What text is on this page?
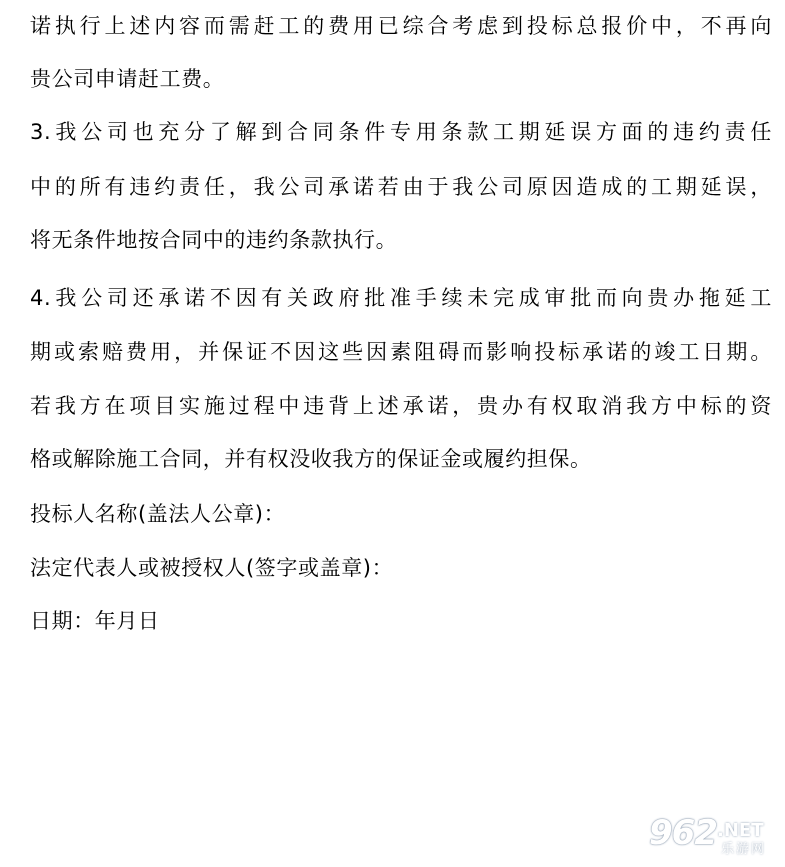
诺执行上述内容而需赶工的费用已综合考虑到投标总报价中，不再向
贵公司申请赶工费。
3.我公司也充分了解到合同条件专用条款工期延误方面的违约责任
中的所有违约责任，我公司承诺若由于我公司原因造成的工期延误，
将无条件地按合同中的违约条款执行。
4.我公司还承诺不因有关政府批准手续未完成审批而向贵办拖延工
期或索赔费用，并保证不因这些因素阻碍而影响投标承诺的竣工日期。
若我方在项目实施过程中违背上述承诺，贵办有权取消我方中标的资
格或解除施工合同，并有权没收我方的保证金或履约担保。
投标人名称(盖法人公章)：
法定代表人或被授权人(签字或盖章)：
日期：年月日
962 .NET
乐游网
